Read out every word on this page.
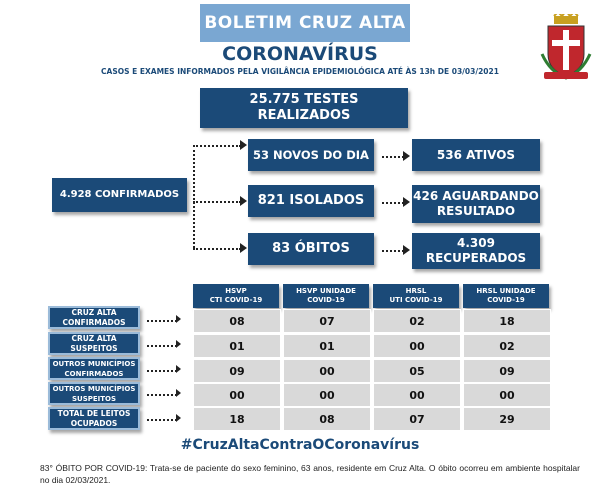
BOLETIM CRUZ ALTA
CORONAVÍRUS
CASOS E EXAMES INFORMADOS PELA VIGILÂNCIA EPIDEMIOLÓGICA ATÉ ÀS 13h DE 03/03/2021
25.775 TESTES
REALIZADOS
4.928 CONFIRMADOS
53 NOVOS DO DIA
821 ISOLADOS
83 ÓBITOS
536 ATIVOS
426 AGUARDANDO
RESULTADO
4.309
RECUPERADOS
HSVP
CTI COVID-19
HSVP UNIDADE
COVID-19
HRSL
UTI COVID-19
HRSL UNIDADE
COVID-19
CRUZ ALTA
CONFIRMADOS	08	07	02	18
CRUZ ALTA
SUSPEITOS	01	01	00	02
OUTROS MUNICÍPIOS
CONFIRMADOS	09	00	05	09
OUTROS MUNICÍPIOS
SUSPEITOS	00	00	00	00
TOTAL DE LEITOS
OCUPADOS	18	08	07	29
#CruzAltaContraOCoronavírus
83° ÓBITO POR COVID-19: Trata-se de paciente do sexo feminino, 63 anos, residente em Cruz Alta. O óbito ocorreu em ambiente hospitalar no dia 02/03/2021.
